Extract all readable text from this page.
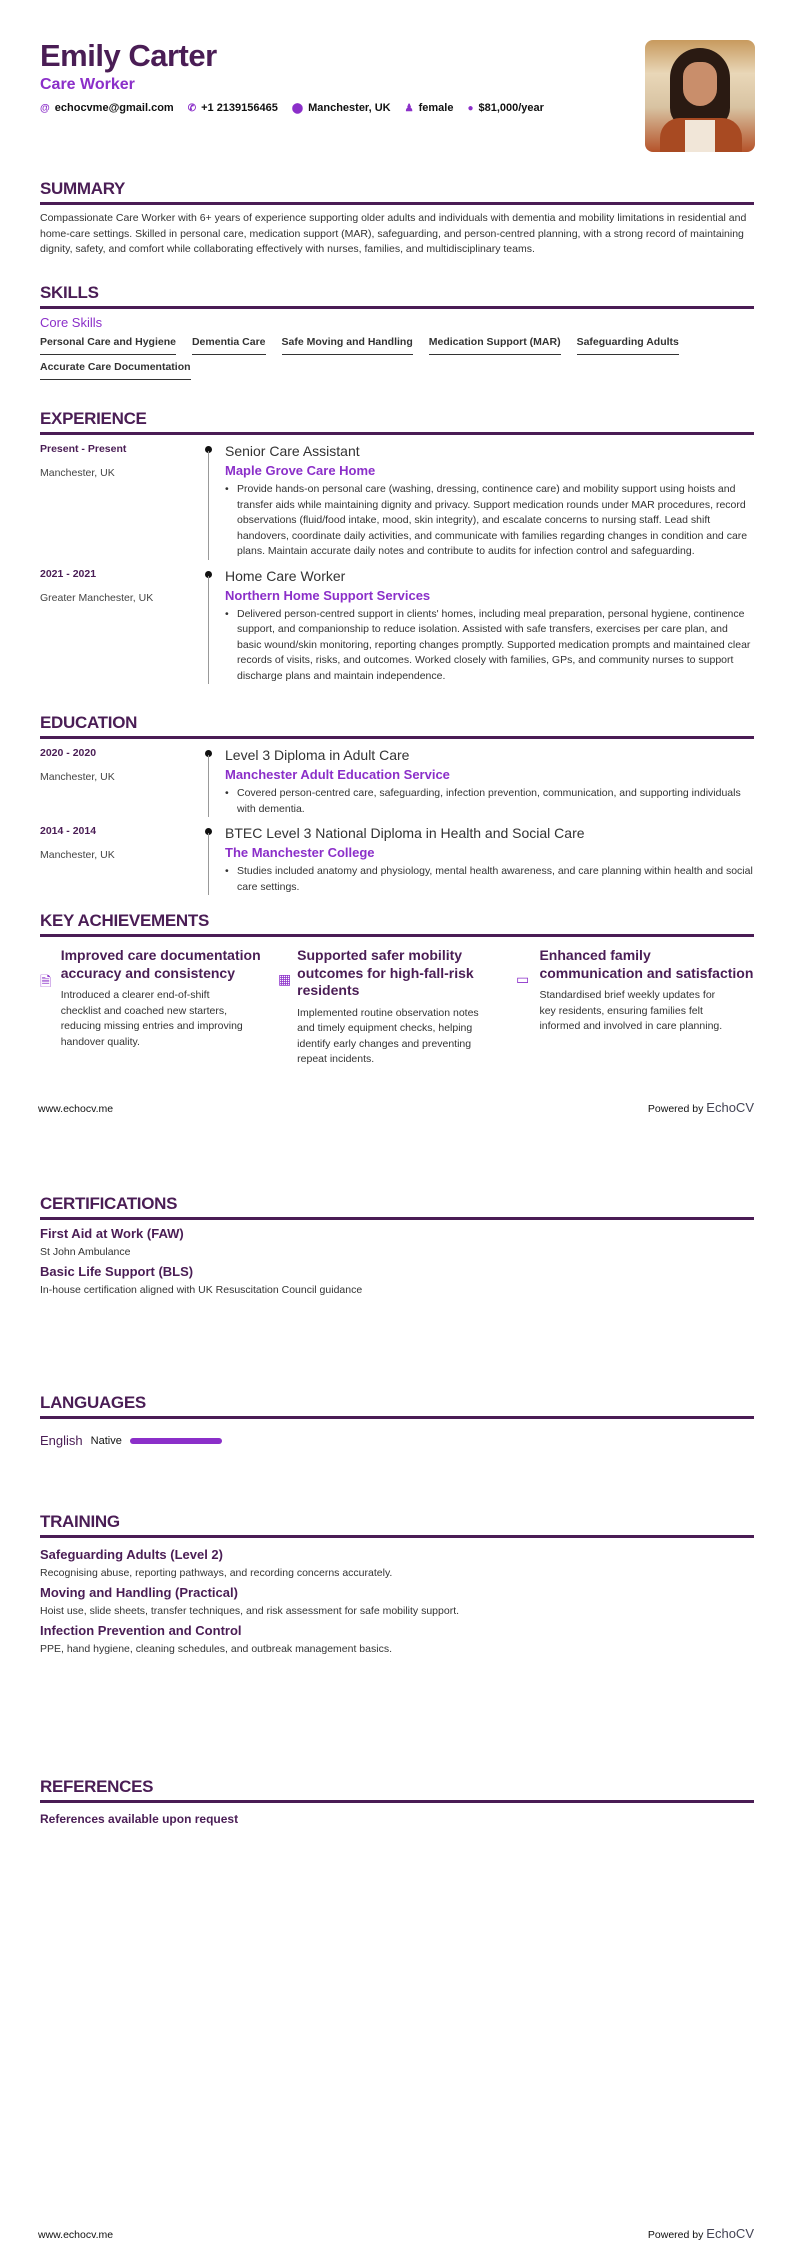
Emily Carter
Care Worker
@ echocvme@gmail.com ✆ +1 2139156465 ⬤ Manchester, UK ♟ female ● $81,000/year
SUMMARY
Compassionate Care Worker with 6+ years of experience supporting older adults and individuals with dementia and mobility limitations in residential and home-care settings. Skilled in personal care, medication support (MAR), safeguarding, and person-centred planning, with a strong record of maintaining dignity, safety, and comfort while collaborating effectively with nurses, families, and multidisciplinary teams.
SKILLS
Core Skills
Personal Care and Hygiene Dementia Care Safe Moving and Handling Medication Support (MAR) Safeguarding Adults
Accurate Care Documentation
EXPERIENCE
Present - Present
Manchester, UK
Senior Care Assistant
Maple Grove Care Home
• Provide hands-on personal care (washing, dressing, continence care) and mobility support using hoists and transfer aids while maintaining dignity and privacy. Support medication rounds under MAR procedures, record observations (fluid/food intake, mood, skin integrity), and escalate concerns to nursing staff. Lead shift handovers, coordinate daily activities, and communicate with families regarding changes in condition and care plans. Maintain accurate daily notes and contribute to audits for infection control and safeguarding.
2021 - 2021
Greater Manchester, UK
Home Care Worker
Northern Home Support Services
• Delivered person-centred support in clients' homes, including meal preparation, personal hygiene, continence support, and companionship to reduce isolation. Assisted with safe transfers, exercises per care plan, and basic wound/skin monitoring, reporting changes promptly. Supported medication prompts and maintained clear records of visits, risks, and outcomes. Worked closely with families, GPs, and community nurses to support discharge plans and maintain independence.
EDUCATION
2020 - 2020
Manchester, UK
Level 3 Diploma in Adult Care
Manchester Adult Education Service
• Covered person-centred care, safeguarding, infection prevention, communication, and supporting individuals with dementia.
2014 - 2014
Manchester, UK
BTEC Level 3 National Diploma in Health and Social Care
The Manchester College
• Studies included anatomy and physiology, mental health awareness, and care planning within health and social care settings.
KEY ACHIEVEMENTS
🗎
Improved care documentation accuracy and consistency
Introduced a clearer end-of-shift checklist and coached new starters, reducing missing entries and improving handover quality.
▦
Supported safer mobility outcomes for high-fall-risk residents
Implemented routine observation notes and timely equipment checks, helping identify early changes and preventing repeat incidents.
▭
Enhanced family communication and satisfaction
Standardised brief weekly updates for key residents, ensuring families felt informed and involved in care planning.
www.echocv.me	Powered by EchoCV
CERTIFICATIONS
First Aid at Work (FAW)
St John Ambulance
Basic Life Support (BLS)
In-house certification aligned with UK Resuscitation Council guidance
LANGUAGES
English Native
TRAINING
Safeguarding Adults (Level 2)
Recognising abuse, reporting pathways, and recording concerns accurately.
Moving and Handling (Practical)
Hoist use, slide sheets, transfer techniques, and risk assessment for safe mobility support.
Infection Prevention and Control
PPE, hand hygiene, cleaning schedules, and outbreak management basics.
REFERENCES
References available upon request
www.echocv.me	Powered by EchoCV
